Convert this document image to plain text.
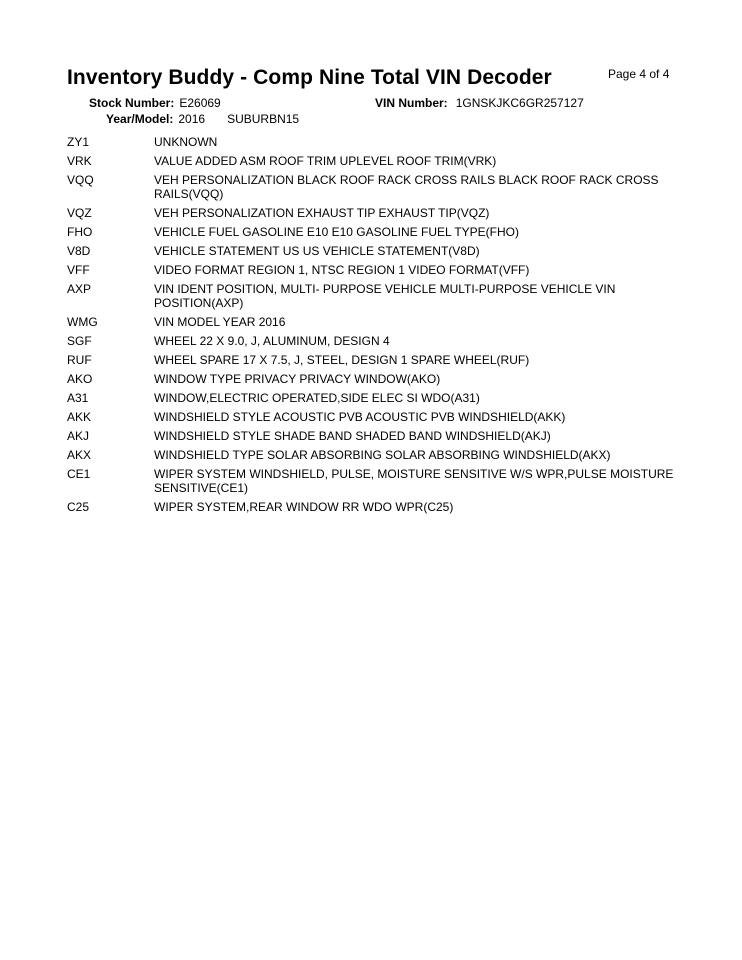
Inventory Buddy - Comp Nine Total VIN Decoder	Page 4 of 4
Stock Number: E26069	VIN Number: 1GNSKJKC6GR257127
Year/Model: 2016 SUBURBN15
ZY1	UNKNOWN
VRK	VALUE ADDED ASM ROOF TRIM UPLEVEL ROOF TRIM(VRK)
VQQ	VEH PERSONALIZATION BLACK ROOF RACK CROSS RAILS BLACK ROOF RACK CROSS RAILS(VQQ)
VQZ	VEH PERSONALIZATION EXHAUST TIP EXHAUST TIP(VQZ)
FHO	VEHICLE FUEL GASOLINE E10 E10 GASOLINE FUEL TYPE(FHO)
V8D	VEHICLE STATEMENT US US VEHICLE STATEMENT(V8D)
VFF	VIDEO FORMAT REGION 1, NTSC REGION 1 VIDEO FORMAT(VFF)
AXP	VIN IDENT POSITION, MULTI- PURPOSE VEHICLE MULTI-PURPOSE VEHICLE VIN POSITION(AXP)
WMG	VIN MODEL YEAR 2016
SGF	WHEEL 22 X 9.0, J, ALUMINUM, DESIGN 4
RUF	WHEEL SPARE 17 X 7.5, J, STEEL, DESIGN 1 SPARE WHEEL(RUF)
AKO	WINDOW TYPE PRIVACY PRIVACY WINDOW(AKO)
A31	WINDOW,ELECTRIC OPERATED,SIDE ELEC SI WDO(A31)
AKK	WINDSHIELD STYLE ACOUSTIC PVB ACOUSTIC PVB WINDSHIELD(AKK)
AKJ	WINDSHIELD STYLE SHADE BAND SHADED BAND WINDSHIELD(AKJ)
AKX	WINDSHIELD TYPE SOLAR ABSORBING SOLAR ABSORBING WINDSHIELD(AKX)
CE1	WIPER SYSTEM WINDSHIELD, PULSE, MOISTURE SENSITIVE W/S WPR,PULSE MOISTURE SENSITIVE(CE1)
C25	WIPER SYSTEM,REAR WINDOW RR WDO WPR(C25)
